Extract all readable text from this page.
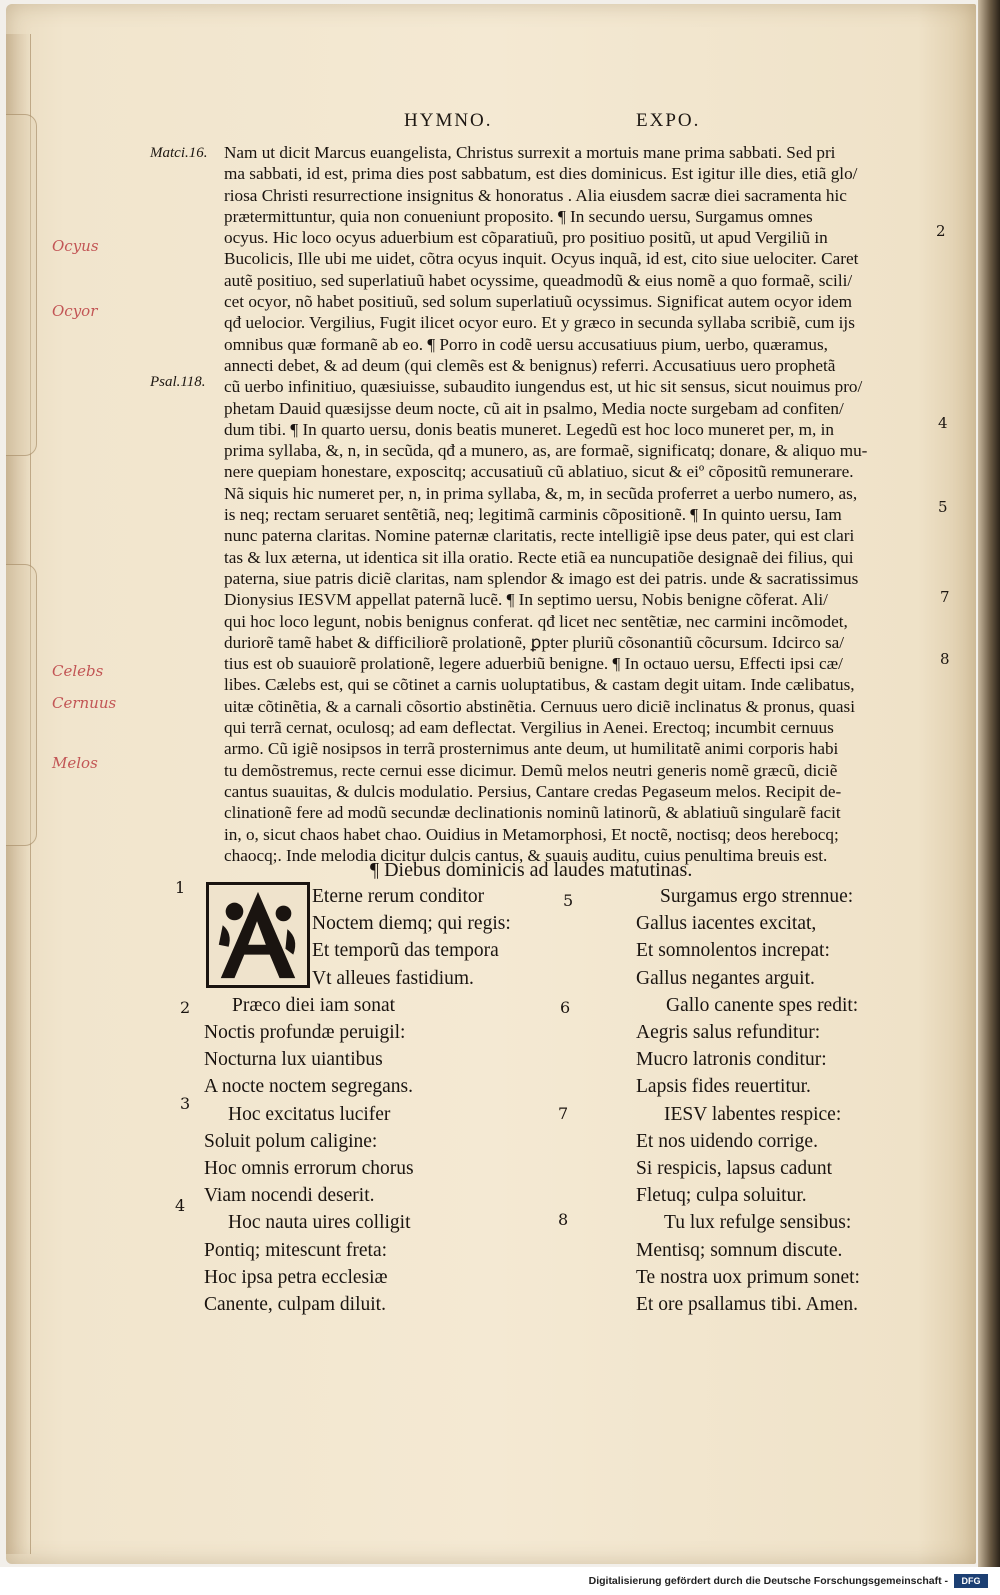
HYMNO.	EXPO.
Matci.16.
Psal.118.
Ocyus
Ocyor
Celebs
Cernuus
Melos
2
4
5
7
8
Nam ut dicit Marcus euangelista, Christus surrexit a mortuis mane prima sabbati. Sed pri
ma sabbati, id est, prima dies post sabbatum, est dies dominicus. Est igitur ille dies, etiã glo/
riosa Christi resurrectione insignitus & honoratus . Alia eiusdem sacræ diei sacramenta hic
prætermittuntur, quia non conueniunt proposito. ¶ In secundo uersu, Surgamus omnes
ocyus. Hic loco ocyus aduerbium est cõparatiuũ, pro positiuo positũ, ut apud Vergiliũ in
Bucolicis, Ille ubi me uidet, cõtra ocyus inquit. Ocyus inquã, id est, cito siue uelociter. Caret
autẽ positiuo, sed superlatiuũ habet ocyssime, queadmodũ & eius nomẽ a quo formaẽ, scili/
cet ocyor, nõ habet positiuũ, sed solum superlatiuũ ocyssimus. Significat autem ocyor idem
qđ uelocior. Vergilius, Fugit ilicet ocyor euro. Et y græco in secunda syllaba scribiẽ, cum ijs
omnibus quæ formanẽ ab eo. ¶ Porro in codẽ uersu accusatiuus pium, uerbo, quæramus,
annecti debet, & ad deum (qui clemẽs est & benignus) referri. Accusatiuus uero prophetã
cũ uerbo infinitiuo, quæsiuisse, subaudito iungendus est, ut hic sit sensus, sicut nouimus pro/
phetam Dauid quæsijsse deum nocte, cũ ait in psalmo, Media nocte surgebam ad confiten/
dum tibi. ¶ In quarto uersu, donis beatis muneret. Legedũ est hoc loco muneret per, m, in
prima syllaba, &, n, in secũda, qđ a munero, as, are formaẽ, significatq; donare, & aliquo mu-
nere quepiam honestare, exposcitq; accusatiuũ cũ ablatiuo, sicut & eiº cõpositũ remunerare.
Nã siquis hic numeret per, n, in prima syllaba, &, m, in secũda proferret a uerbo numero, as,
is neq; rectam seruaret sentẽtiã, neq; legitimã carminis cõpositionẽ. ¶ In quinto uersu, Iam
nunc paterna claritas. Nomine paternæ claritatis, recte intelligiẽ ipse deus pater, qui est clari
tas & lux æterna, ut identica sit illa oratio. Recte etiã ea nuncupatiõe designaẽ dei filius, qui
paterna, siue patris diciẽ claritas, nam splendor & imago est dei patris. unde & sacratissimus
Dionysius IESVM appellat paternã lucẽ. ¶ In septimo uersu, Nobis benigne cõferat. Ali/
qui hoc loco legunt, nobis benignus conferat. qđ licet nec sentẽtiæ, nec carmini incõmodet,
duriorẽ tamẽ habet & difficiliorẽ prolationẽ, ꝑpter pluriũ cõsonantiũ cõcursum. Idcirco sa/
tius est ob suauiorẽ prolationẽ, legere aduerbiũ benigne. ¶ In octauo uersu, Effecti ipsi cæ/
libes. Cælebs est, qui se cõtinet a carnis uoluptatibus, & castam degit uitam. Inde cælibatus,
uitæ cõtinẽtia, & a carnali cõsortio abstinẽtia. Cernuus uero diciẽ inclinatus & pronus, quasi
qui terrã cernat, oculosq; ad eam deflectat. Vergilius in Aenei. Erectoq; incumbit cernuus
armo. Cũ igiẽ nosipsos in terrã prosternimus ante deum, ut humilitatẽ animi corporis habi
tu demõstremus, recte cernui esse dicimur. Demũ melos neutri generis nomẽ græcũ, diciẽ
cantus suauitas, & dulcis modulatio. Persius, Cantare credas Pegaseum melos. Recipit de-
clinationẽ fere ad modũ secundæ declinationis nominũ latinorũ, & ablatiuũ singularẽ facit
in, o, sicut chaos habet chao. Ouidius in Metamorphosi, Et noctẽ, noctisq; deos herebocq;
chaocq;. Inde melodia dicitur dulcis cantus, & suauis auditu, cuius penultima breuis est.
¶ Diebus dominicis ad laudes matutinas.
Eterne rerum conditor
Noctem diemq; qui regis:
Et temporũ das tempora
Vt alleues fastidium.
Præco diei iam sonat
Noctis profundæ peruigil:
Nocturna lux uiantibus
A nocte noctem segregans.
Hoc excitatus lucifer
Soluit polum caligine:
Hoc omnis errorum chorus
Viam nocendi deserit.
Hoc nauta uires colligit
Pontiq; mitescunt freta:
Hoc ipsa petra ecclesiæ
Canente, culpam diluit.
Surgamus ergo strennue:
Gallus iacentes excitat,
Et somnolentos increpat:
Gallus negantes arguit.
Gallo canente spes redit:
Aegris salus refunditur:
Mucro latronis conditur:
Lapsis fides reuertitur.
IESV labentes respice:
Et nos uidendo corrige.
Si respicis, lapsus cadunt
Fletuq; culpa soluitur.
Tu lux refulge sensibus:
Mentisq; somnum discute.
Te nostra uox primum sonet:
Et ore psallamus tibi. Amen.
1
2
3
4
5
6
7
8
Digitalisierung gefördert durch die Deutsche Forschungsgemeinschaft -	DFG
